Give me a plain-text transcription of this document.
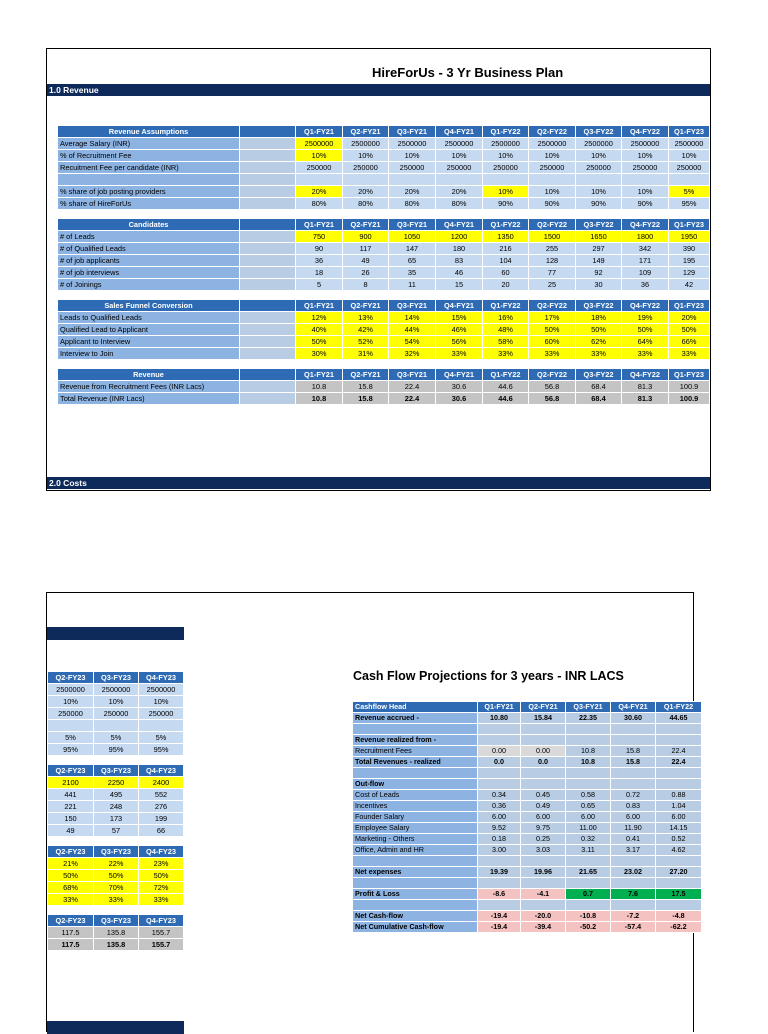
HireForUs - 3 Yr Business Plan
1.0 Revenue
Revenue Assumptions		Q1-FY21	Q2-FY21	Q3-FY21	Q4-FY21	Q1-FY22	Q2-FY22	Q3-FY22	Q4-FY22	Q1-FY23
Average Salary (INR)		2500000	2500000	2500000	2500000	2500000	2500000	2500000	2500000	2500000
% of Recruitment Fee		10%	10%	10%	10%	10%	10%	10%	10%	10%
Recuitment Fee per candidate (INR)		250000	250000	250000	250000	250000	250000	250000	250000	250000

% share of job posting providers		20%	20%	20%	20%	10%	10%	10%	10%	5%
% share of HireForUs		80%	80%	80%	80%	90%	90%	90%	90%	95%

Candidates		Q1-FY21	Q2-FY21	Q3-FY21	Q4-FY21	Q1-FY22	Q2-FY22	Q3-FY22	Q4-FY22	Q1-FY23
# of Leads		750	900	1050	1200	1350	1500	1650	1800	1950
# of Qualified Leads		90	117	147	180	216	255	297	342	390
# of job applicants		36	49	65	83	104	128	149	171	195
# of job interviews		18	26	35	46	60	77	92	109	129
# of Joinings		5	8	11	15	20	25	30	36	42

Sales Funnel Conversion		Q1-FY21	Q2-FY21	Q3-FY21	Q4-FY21	Q1-FY22	Q2-FY22	Q3-FY22	Q4-FY22	Q1-FY23
Leads to Qualified Leads		12%	13%	14%	15%	16%	17%	18%	19%	20%
Qualified Lead to Applicant		40%	42%	44%	46%	48%	50%	50%	50%	50%
Applicant to Interview		50%	52%	54%	56%	58%	60%	62%	64%	66%
Interview to Join		30%	31%	32%	33%	33%	33%	33%	33%	33%

Revenue		Q1-FY21	Q2-FY21	Q3-FY21	Q4-FY21	Q1-FY22	Q2-FY22	Q3-FY22	Q4-FY22	Q1-FY23
Revenue from Recruitment Fees (INR Lacs)		10.8	15.8	22.4	30.6	44.6	56.8	68.4	81.3	100.9
Total Revenue (INR Lacs)		10.8	15.8	22.4	30.6	44.6	56.8	68.4	81.3	100.9
2.0 Costs
Q2-FY23	Q3-FY23	Q4-FY23
2500000	2500000	2500000
10%	10%	10%
250000	250000	250000

5%	5%	5%
95%	95%	95%

Q2-FY23	Q3-FY23	Q4-FY23
2100	2250	2400
441	495	552
221	248	276
150	173	199
49	57	66

Q2-FY23	Q3-FY23	Q4-FY23
21%	22%	23%
50%	50%	50%
68%	70%	72%
33%	33%	33%

Q2-FY23	Q3-FY23	Q4-FY23
117.5	135.8	155.7
117.5	135.8	155.7
Cash Flow Projections for 3 years - INR LACS
Cashflow Head	Q1-FY21	Q2-FY21	Q3-FY21	Q4-FY21	Q1-FY22
Revenue accrued -	10.80	15.84	22.35	30.60	44.65

Revenue realized from -					
Recruitment Fees	0.00	0.00	10.8	15.8	22.4
Total Revenues - realized	0.0	0.0	10.8	15.8	22.4

Out-flow					
Cost of Leads	0.34	0.45	0.58	0.72	0.88
Incentives	0.36	0.49	0.65	0.83	1.04
Founder Salary	6.00	6.00	6.00	6.00	6.00
Employee Salary	9.52	9.75	11.00	11.90	14.15
Marketing - Others	0.18	0.25	0.32	0.41	0.52
Office, Admin and HR	3.00	3.03	3.11	3.17	4.62

Net expenses	19.39	19.96	21.65	23.02	27.20

Profit & Loss	-8.6	-4.1	0.7	7.6	17.5

Net Cash-flow	-19.4	-20.0	-10.8	-7.2	-4.8
Net Cumulative Cash-flow	-19.4	-39.4	-50.2	-57.4	-62.2
